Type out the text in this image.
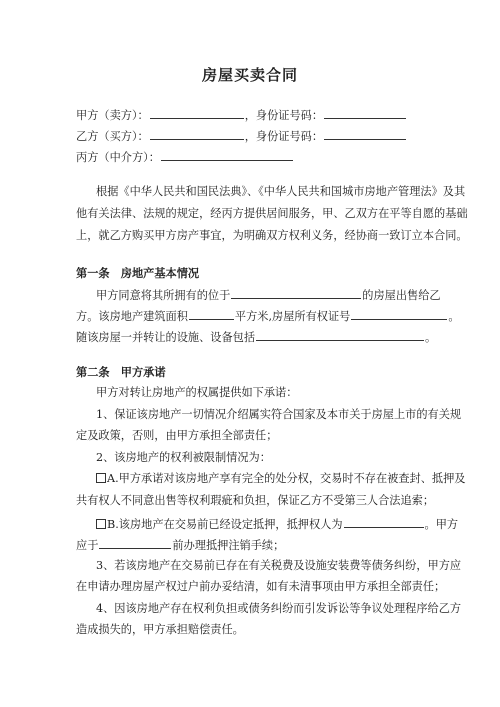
房屋买卖合同
甲方（卖方）：	，身份证号码：
乙方（买方）：	，身份证号码：
丙方（中介方）：
根据《中华人民共和国民法典》、《中华人民共和国城市房地产管理法》及其
他有关法律、法规的规定，经丙方提供居间服务，甲、乙双方在平等自愿的基础
上，就乙方购买甲方房产事宜，为明确双方权利义务，经协商一致订立本合同。
第一条　房地产基本情况
甲方同意将其所拥有的位于	的房屋出售给乙
方。该房地产建筑面积	平方米,房屋所有权证号	。
随该房屋一并转让的设施、设备包括	。
第二条　甲方承诺
甲方对转让房地产的权属提供如下承诺：
1、保证该房地产一切情况介绍属实符合国家及本市关于房屋上市的有关规
定及政策，否则，由甲方承担全部责任；
2、该房地产的权利被限制情况为：
A.甲方承诺对该房地产享有完全的处分权，交易时不存在被查封、抵押及
共有权人不同意出售等权利瑕疵和负担，保证乙方不受第三人合法追索；
B.该房地产在交易前已经设定抵押，抵押权人为	。甲方
应于	前办理抵押注销手续；
3、若该房地产在交易前已存在有关税费及设施安装费等债务纠纷，甲方应
在申请办理房屋产权过户前办妥结清，如有未清事项由甲方承担全部责任；
4、因该房地产存在权利负担或债务纠纷而引发诉讼等争议处理程序给乙方
造成损失的，甲方承担赔偿责任。
